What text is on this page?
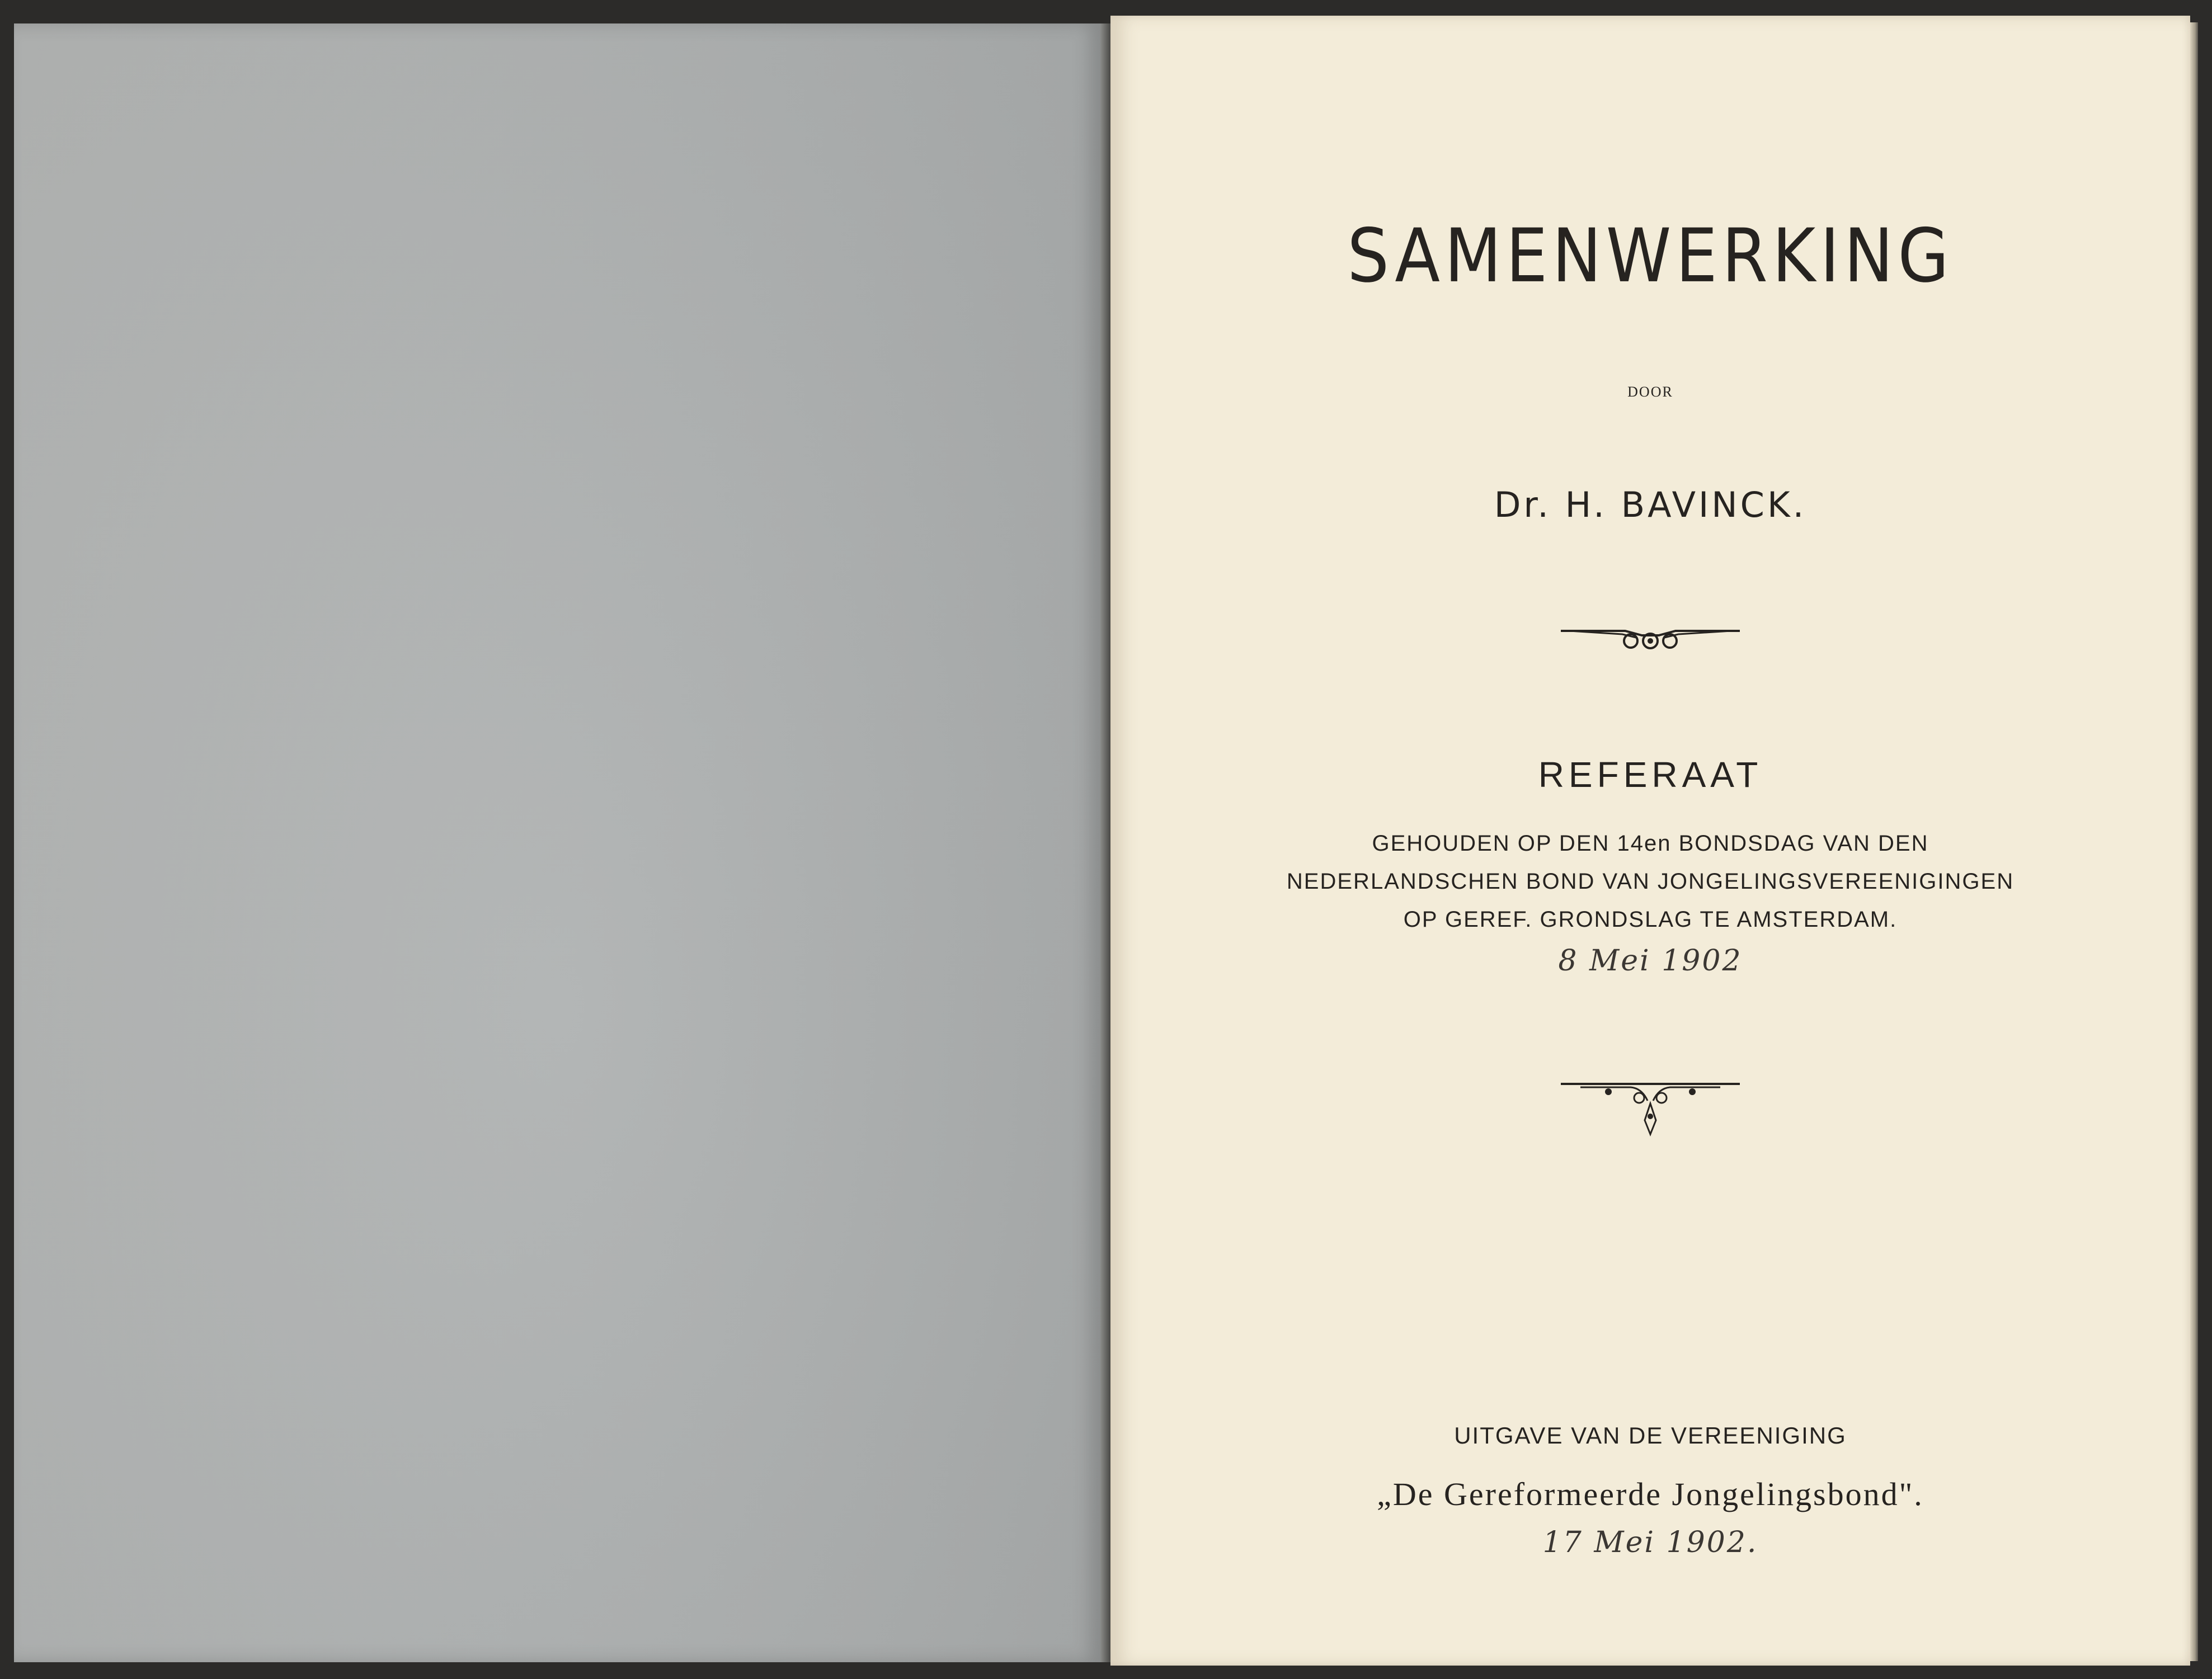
SAMENWERKING
DOOR
Dr. H. BAVINCK.
REFERAAT
GEHOUDEN OP DEN 14en BONDSDAG VAN DEN
NEDERLANDSCHEN BOND VAN JONGELINGSVEREENIGINGEN
OP GEREF. GRONDSLAG TE AMSTERDAM.
8 Mei 1902
UITGAVE VAN DE VEREENIGING
„De Gereformeerde Jongelingsbond".
17 Mei 1902.
